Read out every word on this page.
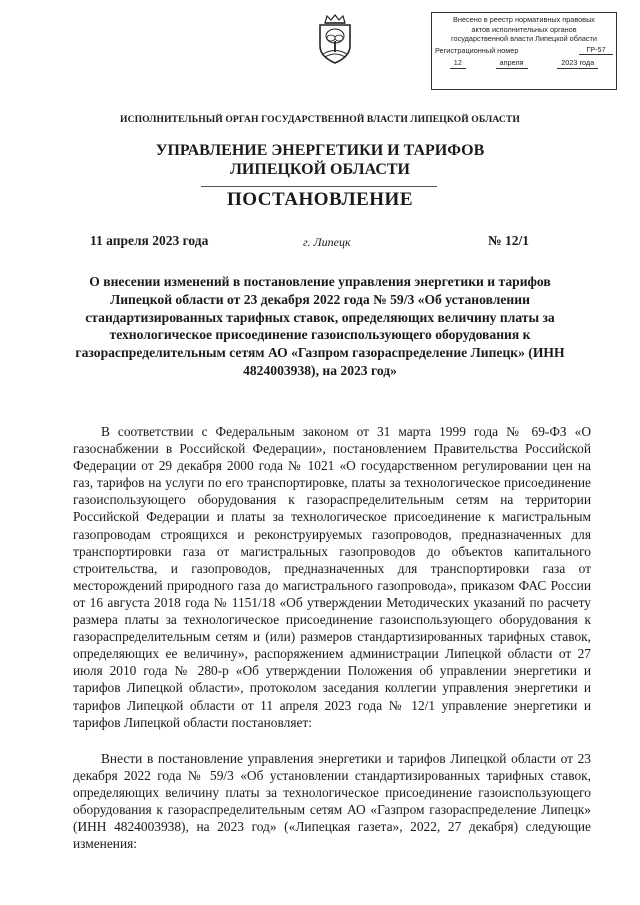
Внесено в реестр нормативных правовых
актов исполнительных органов
государственной власти Липецкой области
Регистрационный номер	ГР-57
12	апреля	2023 года
ИСПОЛНИТЕЛЬНЫЙ ОРГАН ГОСУДАРСТВЕННОЙ ВЛАСТИ ЛИПЕЦКОЙ ОБЛАСТИ
УПРАВЛЕНИЕ ЭНЕРГЕТИКИ И ТАРИФОВ
ЛИПЕЦКОЙ ОБЛАСТИ
ПОСТАНОВЛЕНИЕ
11 апреля 2023 года	г. Липецк	№ 12/1
О внесении изменений в постановление управления энергетики и тарифов Липецкой области от 23 декабря 2022 года № 59/3 «Об установлении стандартизированных тарифных ставок, определяющих величину платы за технологическое присоединение газоиспользующего оборудования к газораспределительным сетям АО «Газпром газораспределение Липецк» (ИНН 4824003938), на 2023 год»

В соответствии с Федеральным законом от 31 марта 1999 года № 69-ФЗ «О газоснабжении в Российской Федерации», постановлением Правительства Российской Федерации от 29 декабря 2000 года № 1021 «О государственном регулировании цен на газ, тарифов на услуги по его транспортировке, платы за технологическое присоединение газоиспользующего оборудования к газораспределительным сетям на территории Российской Федерации и платы за технологическое присоединение к магистральным газопроводам строящихся и реконструируемых газопроводов, предназначенных для транспортировки газа от магистральных газопроводов до объектов капитального строительства, и газопроводов, предназначенных для транспортировки газа от месторождений природного газа до магистрального газопровода», приказом ФАС России от 16 августа 2018 года № 1151/18 «Об утверждении Методических указаний по расчету размера платы за технологическое присоединение газоиспользующего оборудования к газораспределительным сетям и (или) размеров стандартизированных тарифных ставок, определяющих ее величину», распоряжением администрации Липецкой области от 27 июля 2010 года № 280-р «Об утверждении Положения об управлении энергетики и тарифов Липецкой области», протоколом заседания коллегии управления энергетики и тарифов Липецкой области от 11 апреля 2023 года № 12/1 управление энергетики и тарифов Липецкой области постановляет:

Внести в постановление управления энергетики и тарифов Липецкой области от 23 декабря 2022 года № 59/3 «Об установлении стандартизированных тарифных ставок, определяющих величину платы за технологическое присоединение газоиспользующего оборудования к газораспределительным сетям АО «Газпром газораспределение Липецк» (ИНН 4824003938), на 2023 год» («Липецкая газета», 2022, 27 декабря) следующие изменения:
